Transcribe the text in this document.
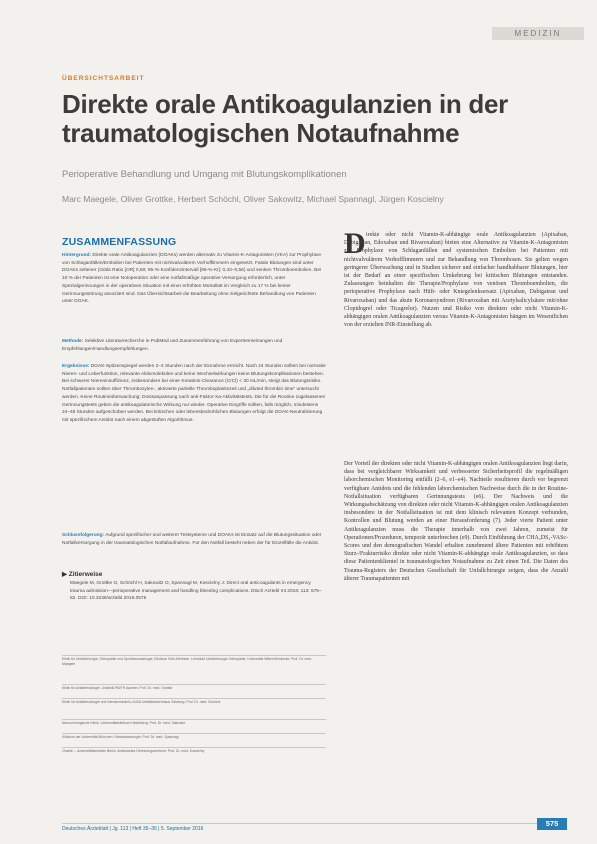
MEDIZIN
ÜBERSICHTSARBEIT
Direkte orale Antikoagulanzien in der traumatologischen Notaufnahme
Perioperative Behandlung und Umgang mit Blutungskomplikationen
Marc Maegele, Oliver Grottke, Herbert Schöchl, Oliver Sakowitz, Michael Spannagl, Jürgen Koscielny
ZUSAMMENFASSUNG

Hintergrund: Direkte orale Antikoagulanzien (DOAKs) werden alternativ zu Vitamin-K-Antagonisten (VKA) zur Prophylaxe von Schlaganfällen/Embolien bei Patienten mit nichtvalvulärem Vorhofflimmern eingesetzt. Fatale Blutungen sind unter DOAKs seltener (Odds Ratio [OR] 0,58; 95-%-Konfidenzintervall [95-%-KI]: 0,43–0,56) und senken Thromboembolien. Bei 10 % der Patienten ist eine Notoperation oder eine notfallmäßige operative Versorgung erforderlich, unter Spezialgerinnungen in der operativen Situation mit einer erhöhten Mortalität im Vergleich zu 17 % bei keiner Gerinnungsstörung assoziiert sind. Das Übersichtsarbeit die Bearbeitung ohne zielgerichtete Behandlung von Patienten unter DOAK.

Methode: Selektive Literaturrecherche in PubMed und Zusammenführung von Expertenmeinungen und Empfehlungen/Handlungsempfehlungen.

Ergebnisse: DOAK-Spitzenspiegel werden 2–4 Stunden nach der Einnahme erreicht. Nach 24 Stunden sollten bei normaler Nieren- und Leberfunktion, relevante Aktivmolekülen und keine Wechselwirkungen keine Blutungskomplikationen bestehen. Bei schwerer Niereninsuffizienz, insbesondere bei einer Kreatinin-Clearance (CrCl) < 30 mL/min, steigt das Blutungsrisiko. Notfallpatienten sollten über Thrombozyten-, aktivierte partielle Thromboplastinzeit und „diluted thrombin time“ untersucht werden. Keine Routineüberwachung; Dosisanpassung nach anti-Faktor-Xa-Aktivitätstests. Die für die Routine zugelassenen Gerinnungstests geben die antikoagulatorische Wirkung nur wieder. Operative Eingriffe sollten, falls möglich, mindestens 24–48 Stunden aufgeschoben werden. Bei kritischen oder lebensbedrohlichen Blutungen erfolgt die DOAK-Neutralisierung mit spezifischem Antidot nach einem abgestuften Algorithmus.

Schlussfolgerung: Aufgrund spezifischer und weiterer Testsysteme und DOAKs ist Einsatz auf die Blutungssituation oder Notfallversorgung in der traumatologischen Notfallaufnahme. Für den Notfall besteht neben der für Einzelfälle die Antidot.

▶ Zitierweise
Maegele M, Grottke O, Schöchl H, Sakowitz O, Spannagl M, Koscielny J: Direct oral anticoagulants in emergency trauma admission—perioperative management and handling bleeding complications. Dtsch Arztebl Int 2016; 113: 575–82. DOI: 10.3238/arztebl.2016.0575
Klinik für Unfallchirurgie, Orthopädie und Sporttraumatologie, Klinikum Köln-Merheim, Lehrstuhl Unfallchirurgie Orthopädie, Universität Witten/Herdecke: Prof. Dr. med. Maegele
Klinik für Anästhesiologie, Uniklinik RWTH Aachen: Prof. Dr. med. Grottke
Klinik für Anästhesiologie und Intensivmedizin, AUVA Unfallkrankenhaus Salzburg: Prof. Dr. med. Schöchl
Neurochirurgische Klinik, Universitätsklinikum Heidelberg: Prof. Dr. med. Sakowitz
Klinikum der Universität München, Hämostaseologie: Prof. Dr. med. Spannagl
Charité – Universitätsmedizin Berlin, Ambulantes Gerinnungszentrum: Prof. Dr. med. Koscielny
D irekte oder nicht Vitamin-K-abhängige orale Antikoagulanzien (Apixaban, Dabigatran, Edoxaban und Rivaroxaban) bieten eine Alternative zu Vitamin-K-Antagonisten zur Prophylaxe von Schlaganfällen und systemischen Embolien bei Patienten mit nichtvalvulärem Vorhofflimmern und zur Behandlung von Thrombosen. Sie gelten wegen geringerer Überwachung und in Studien sicherer und einfacher handhabbarer Blutungen, hier ist der Bedarf an einer spezifischen Umkehrung bei kritischen Blutungen entstanden. Zulassungen beinhalten die Therapie/Prophylaxe von venösen Thromboembolien, die perioperative Prophylaxe nach Hüft- oder Kniegelenksersatz (Apixaban, Dabigatran und Rivaroxaban) und das akute Koronarsyndrom (Rivaroxaban mit Acetylsalicylsäure mit/ohne Clopidogrel oder Ticagrelor). Nutzen und Risiko von direkten oder nicht Vitamin-K-abhängigen oralen Antikoagulanzien versus Vitamin-K-Antagonisten hängen im Wesentlichen von der erzielten INR-Einstellung ab.

Der Vorteil der direkten oder nicht Vitamin-K-abhängigen oralen Antikoagulanzien liegt darin, dass bei vergleichbarer Wirksamkeit und verbesserter Sicherheitsprofil die regelmäßigen laborchemischen Monitoring entfällt (2–6, e1–e4). Nachteile resultieren durch vor begrenzt verfügbare Antidots und die fehlenden laborchemischen Nachweise durch die in der Routine-Notfallsituation verfügbaren Gerinnungstests (e6). Der Nachweis und die Wirkungsabschätzung von direkten oder nicht Vitamin-K-abhängigen oralen Antikoagulanzien insbesondere in der Notfallsituation ist mit dem klinisch relevanten Konzept verbunden, Kontrollen und Blutung werden an einer Herausforderung (7). Jeder vierte Patient unter Antikoagulanzien muss die Therapie innerhalb von zwei Jahren, zumeist für Operationen/Prozeduren, temporär unterbrechen (e9). Durch Einführung der CHA₂DS₂-VASc-Scores und den demografischen Wandel erhalten zunehmend ältere Patienten mit erhöhtem Sturz-/Frakturrisiko direkte oder nicht Vitamin-K-abhängige orale Antikoagulanzien, so dass diese Patientenklientel in traumatologischen Notaufnahme zu Zeit einen Teil. Die Daten des Trauma-Registers der Deutschen Gesellschaft für Unfallchirurgie zeigen, dass die Anzahl älterer Traumapatienten mit

Deutsches Ärzteblatt | Jg. 113 | Heft 35–36 | 5. September 2016
575
